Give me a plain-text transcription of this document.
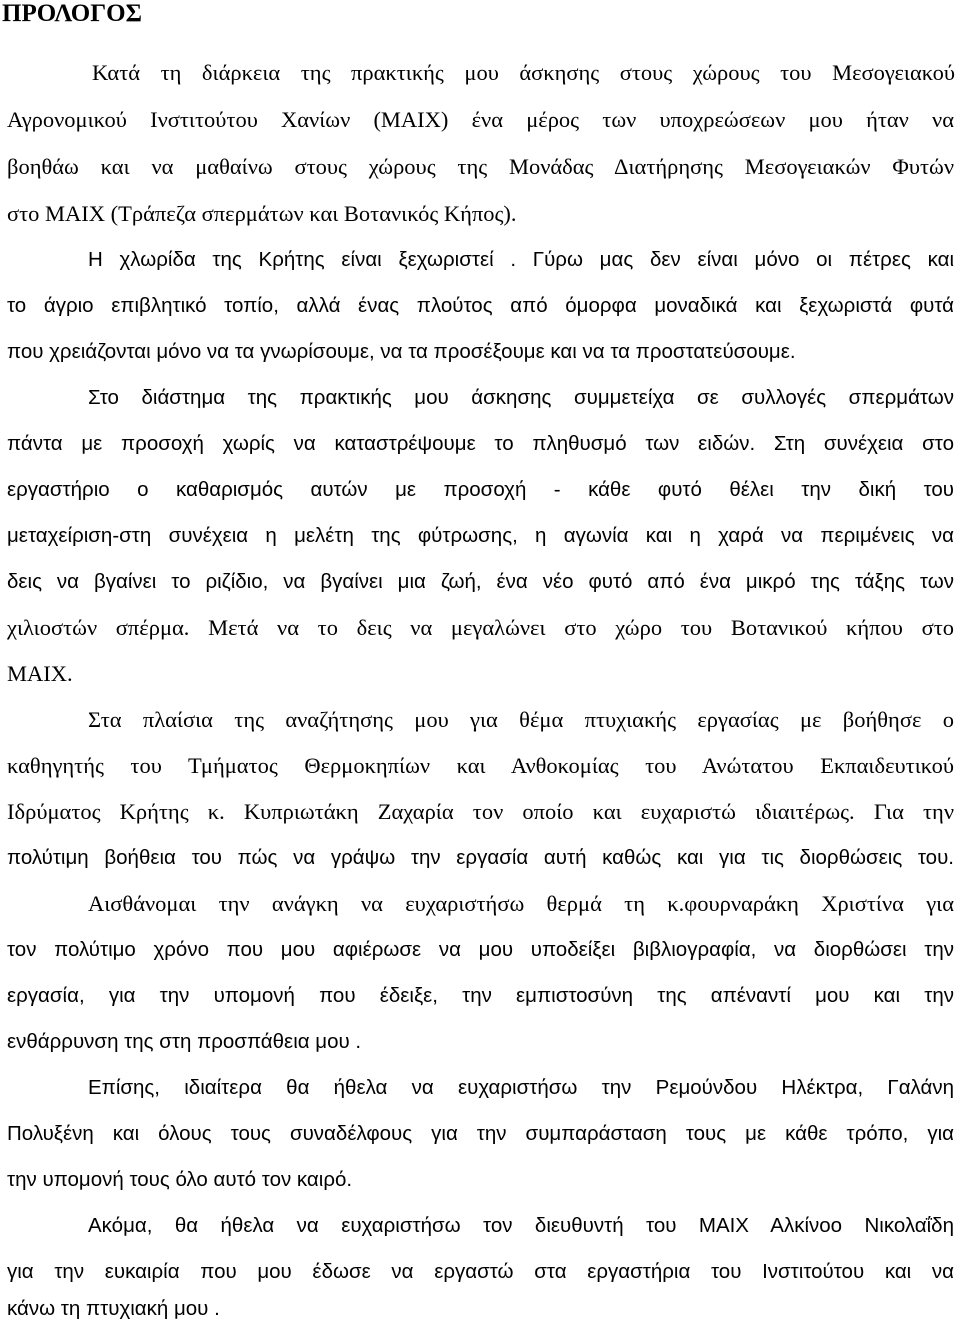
ΠΡΟΛΟΓΟΣ
Κατά τη διάρκεια της πρακτικής μου άσκησης στους χώρους του Μεσογειακού
Αγρονομικού Ινστιτούτου Χανίων (ΜΑΙΧ) ένα μέρος των υποχρεώσεων μου ήταν να
βοηθάω και να μαθαίνω στους χώρους της Μονάδας Διατήρησης Μεσογειακών Φυτών
στο ΜΑΙΧ (Τράπεζα σπερμάτων και Βοτανικός Κήπος).
Η χλωρίδα της Κρήτης είναι ξεχωριστεί . Γύρω μας δεν είναι μόνο οι πέτρες και
το άγριο επιβλητικό τοπίο, αλλά ένας πλούτος από όμορφα μοναδικά και ξεχωριστά φυτά
που χρειάζονται μόνο να τα γνωρίσουμε, να τα προσέξουμε και να τα προστατεύσουμε.
Στο διάστημα της πρακτικής μου άσκησης συμμετείχα σε συλλογές σπερμάτων
πάντα με προσοχή χωρίς να καταστρέψουμε το πληθυσμό των ειδών. Στη συνέχεια στο
εργαστήριο ο καθαρισμός αυτών με προσοχή - κάθε φυτό θέλει την δική του
μεταχείριση-στη συνέχεια η μελέτη της φύτρωσης, η αγωνία και η χαρά να περιμένεις να
δεις να βγαίνει το ριζίδιο, να βγαίνει μια ζωή, ένα νέο φυτό από ένα μικρό της τάξης των
χιλιοστών σπέρμα. Μετά να το δεις να μεγαλώνει στο χώρο του Βοτανικού κήπου στο
ΜΑΙΧ.
Στα πλαίσια της αναζήτησης μου για θέμα πτυχιακής εργασίας με βοήθησε ο
καθηγητής του Τμήματος Θερμοκηπίων και Ανθοκομίας του Ανώτατου Εκπαιδευτικού
Ιδρύματος Κρήτης κ. Κυπριωτάκη Ζαχαρία τον οποίο και ευχαριστώ ιδιαιτέρως. Για την
πολύτιμη βοήθεια του πώς να γράψω την εργασία αυτή καθώς και για τις διορθώσεις του.
Αισθάνομαι την ανάγκη να ευχαριστήσω θερμά τη κ.φουρναράκη Χριστίνα για
τον πολύτιμο χρόνο που μου αφιέρωσε να μου υποδείξει βιβλιογραφία, να διορθώσει την
εργασία, για την υπομονή που έδειξε, την εμπιστοσύνη της απέναντί μου και την
ενθάρρυνση της στη προσπάθεια μου .
Επίσης, ιδιαίτερα θα ήθελα να ευχαριστήσω την Ρεμούνδου Ηλέκτρα, Γαλάνη
Πολυξένη και όλους τους συναδέλφους για την συμπαράσταση τους με κάθε τρόπο, για
την υπομονή τους όλο αυτό τον καιρό.
Ακόμα, θα ήθελα να ευχαριστήσω τον διευθυντή του ΜΑΙΧ Αλκίνοο Νικολαΐδη
για την ευκαιρία που μου έδωσε να εργαστώ στα εργαστήρια του Ινστιτούτου και να
κάνω τη πτυχιακή μου .
